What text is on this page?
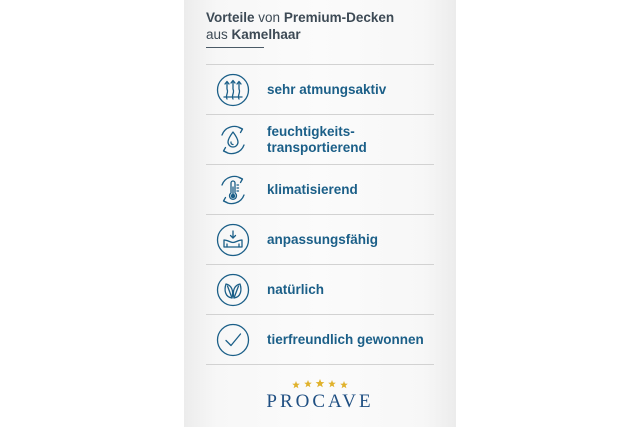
Vorteile von Premium-Decken
aus Kamelhaar
sehr atmungsaktiv
feuchtigkeits-
transportierend
klimatisierend
anpassungsfähig
natürlich
tierfreundlich gewonnen
PROCAVE
